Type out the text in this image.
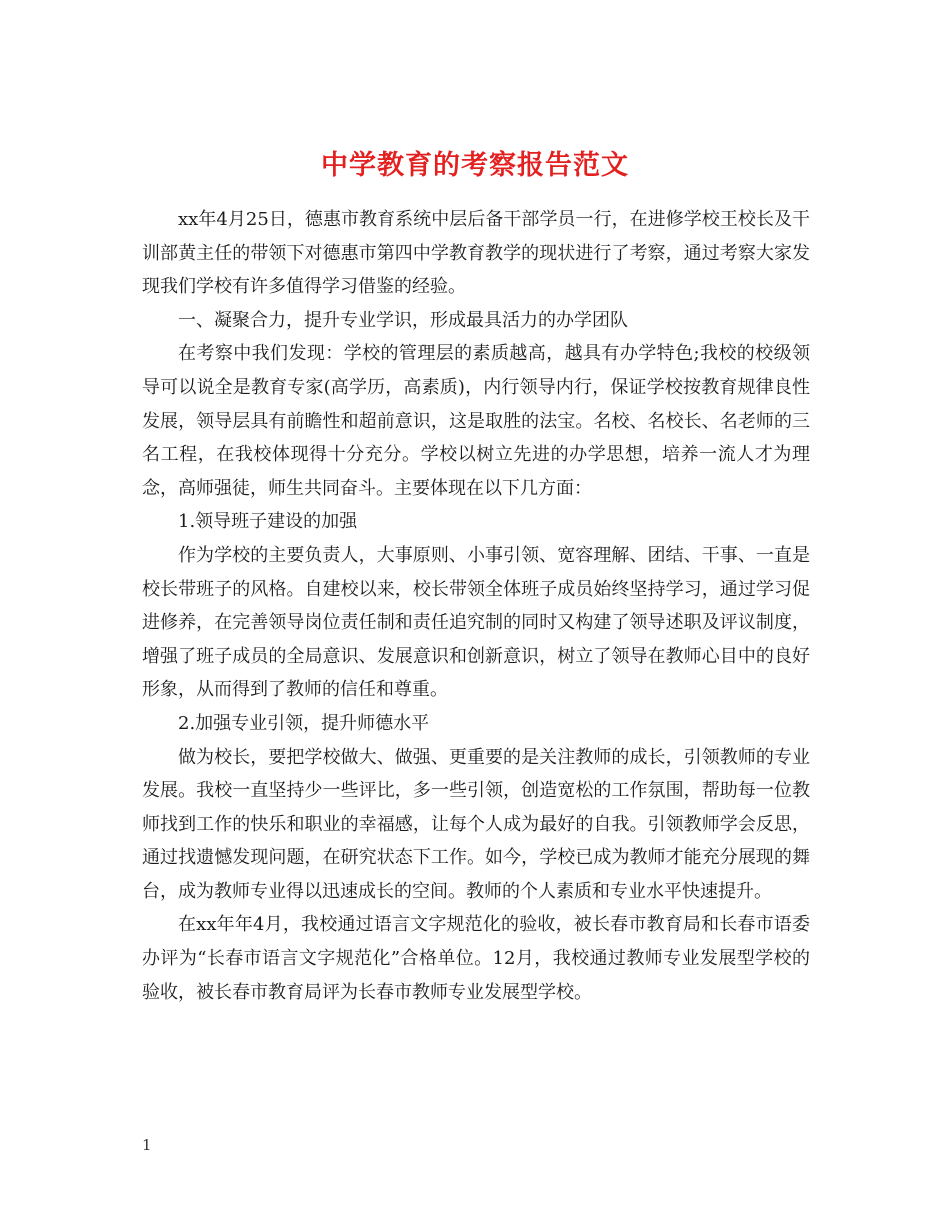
中学教育的考察报告范文

xx年4月25日，德惠市教育系统中层后备干部学员一行，在进修学校王校长及干训部黄主任的带领下对德惠市第四中学教育教学的现状进行了考察，通过考察大家发现我们学校有许多值得学习借鉴的经验。

一、凝聚合力，提升专业学识，形成最具活力的办学团队

在考察中我们发现：学校的管理层的素质越高，越具有办学特色;我校的校级领导可以说全是教育专家(高学历，高素质)，内行领导内行，保证学校按教育规律良性发展，领导层具有前瞻性和超前意识，这是取胜的法宝。名校、名校长、名老师的三名工程，在我校体现得十分充分。学校以树立先进的办学思想，培养一流人才为理念，高师强徒，师生共同奋斗。主要体现在以下几方面：

1.领导班子建设的加强

作为学校的主要负责人，大事原则、小事引领、宽容理解、团结、干事、一直是校长带班子的风格。自建校以来，校长带领全体班子成员始终坚持学习，通过学习促进修养，在完善领导岗位责任制和责任追究制的同时又构建了领导述职及评议制度，增强了班子成员的全局意识、发展意识和创新意识，树立了领导在教师心目中的良好形象，从而得到了教师的信任和尊重。

2.加强专业引领，提升师德水平

做为校长，要把学校做大、做强、更重要的是关注教师的成长，引领教师的专业发展。我校一直坚持少一些评比，多一些引领，创造宽松的工作氛围，帮助每一位教师找到工作的快乐和职业的幸福感，让每个人成为最好的自我。引领教师学会反思，通过找遗憾发现问题，在研究状态下工作。如今，学校已成为教师才能充分展现的舞台，成为教师专业得以迅速成长的空间。教师的个人素质和专业水平快速提升。

在xx年年4月，我校通过语言文字规范化的验收，被长春市教育局和长春市语委办评为“长春市语言文字规范化”合格单位。12月，我校通过教师专业发展型学校的验收，被长春市教育局评为长春市教师专业发展型学校。

1
